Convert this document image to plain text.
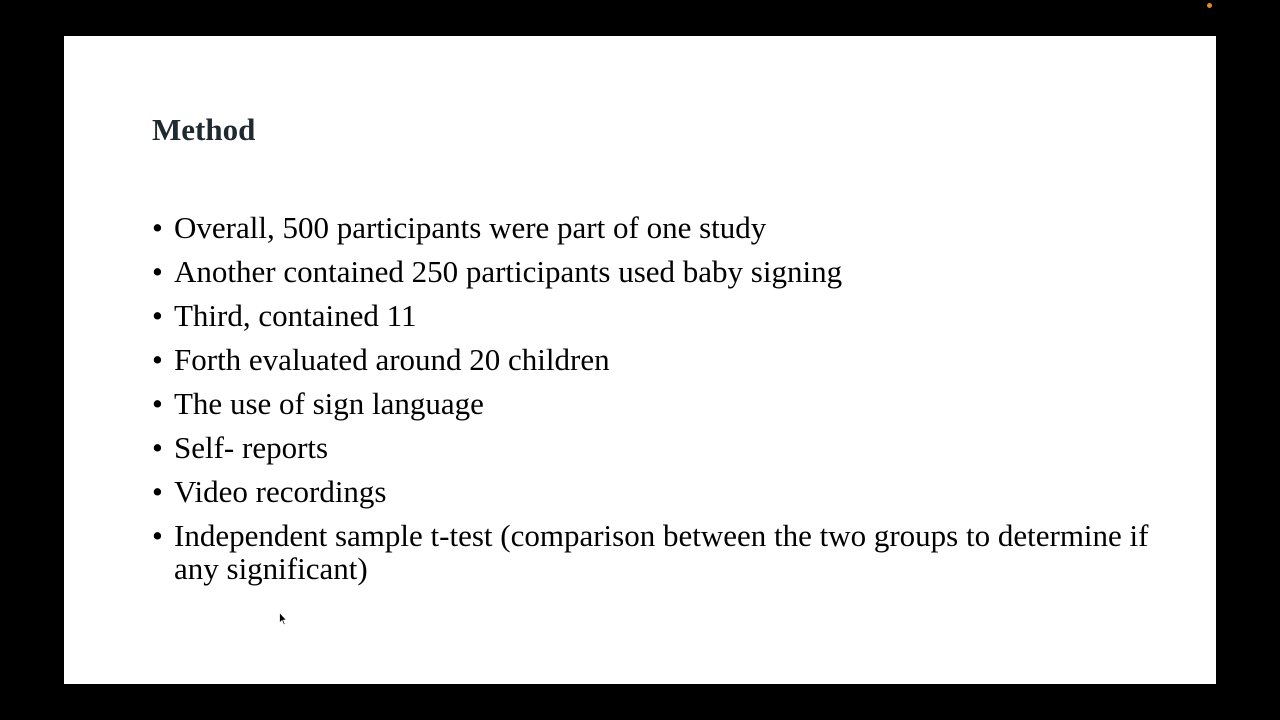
Method
• Overall, 500 participants were part of one study
• Another contained 250 participants used baby signing
• Third, contained 11
• Forth evaluated around 20 children
• The use of sign language
• Self- reports
• Video recordings
• Independent sample t-test (comparison between the two groups to determine if any significant)
